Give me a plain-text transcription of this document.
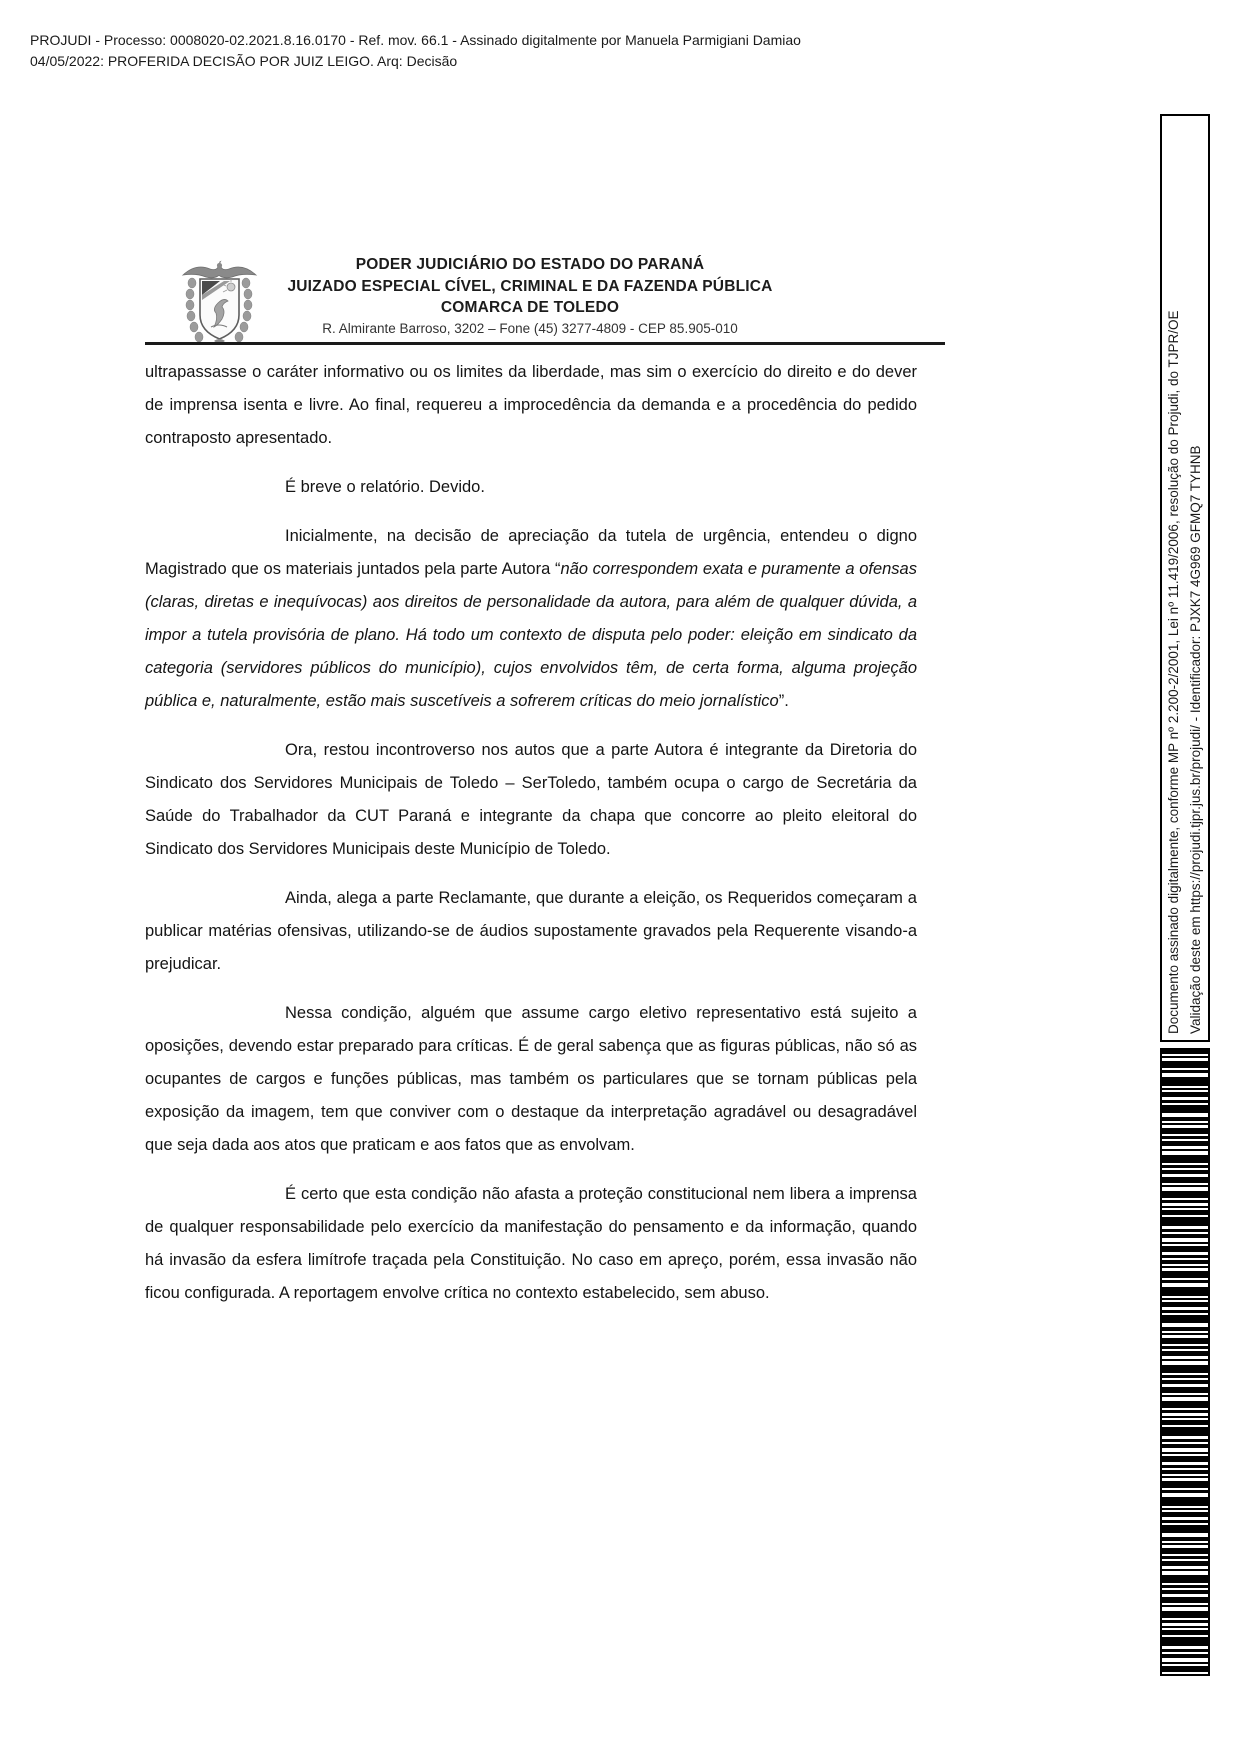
PROJUDI - Processo: 0008020-02.2021.8.16.0170 - Ref. mov. 66.1 - Assinado digitalmente por Manuela Parmigiani Damiao
04/05/2022: PROFERIDA DECISÃO POR JUIZ LEIGO. Arq: Decisão
PODER JUDICIÁRIO DO ESTADO DO PARANÁ
JUIZADO ESPECIAL CÍVEL, CRIMINAL E DA FAZENDA PÚBLICA
COMARCA DE TOLEDO
R. Almirante Barroso, 3202 – Fone (45) 3277-4809 - CEP 85.905-010

ultrapassasse o caráter informativo ou os limites da liberdade, mas sim o exercício do direito e do dever de imprensa isenta e livre. Ao final, requereu a improcedência da demanda e a procedência do pedido contraposto apresentado.

É breve o relatório. Devido.

Inicialmente, na decisão de apreciação da tutela de urgência, entendeu o digno Magistrado que os materiais juntados pela parte Autora “não correspondem exata e puramente a ofensas (claras, diretas e inequívocas) aos direitos de personalidade da autora, para além de qualquer dúvida, a impor a tutela provisória de plano. Há todo um contexto de disputa pelo poder: eleição em sindicato da categoria (servidores públicos do município), cujos envolvidos têm, de certa forma, alguma projeção pública e, naturalmente, estão mais suscetíveis a sofrerem críticas do meio jornalístico”.

Ora, restou incontroverso nos autos que a parte Autora é integrante da Diretoria do Sindicato dos Servidores Municipais de Toledo – SerToledo, também ocupa o cargo de Secretária da Saúde do Trabalhador da CUT Paraná e integrante da chapa que concorre ao pleito eleitoral do Sindicato dos Servidores Municipais deste Município de Toledo.

Ainda, alega a parte Reclamante, que durante a eleição, os Requeridos começaram a publicar matérias ofensivas, utilizando-se de áudios supostamente gravados pela Requerente visando-a prejudicar.

Nessa condição, alguém que assume cargo eletivo representativo está sujeito a oposições, devendo estar preparado para críticas. É de geral sabença que as figuras públicas, não só as ocupantes de cargos e funções públicas, mas também os particulares que se tornam públicas pela exposição da imagem, tem que conviver com o destaque da interpretação agradável ou desagradável que seja dada aos atos que praticam e aos fatos que as envolvam.

É certo que esta condição não afasta a proteção constitucional nem libera a imprensa de qualquer responsabilidade pelo exercício da manifestação do pensamento e da informação, quando há invasão da esfera limítrofe traçada pela Constituição. No caso em apreço, porém, essa invasão não ficou configurada. A reportagem envolve crítica no contexto estabelecido, sem abuso.

Documento assinado digitalmente, conforme MP nº 2.200-2/2001, Lei nº 11.419/2006, resolução do Projudi, do TJPR/OE Validação deste em https://projudi.tjpr.jus.br/projudi/ - Identificador: PJXK7 4G969 GFMQ7 TYHNB
